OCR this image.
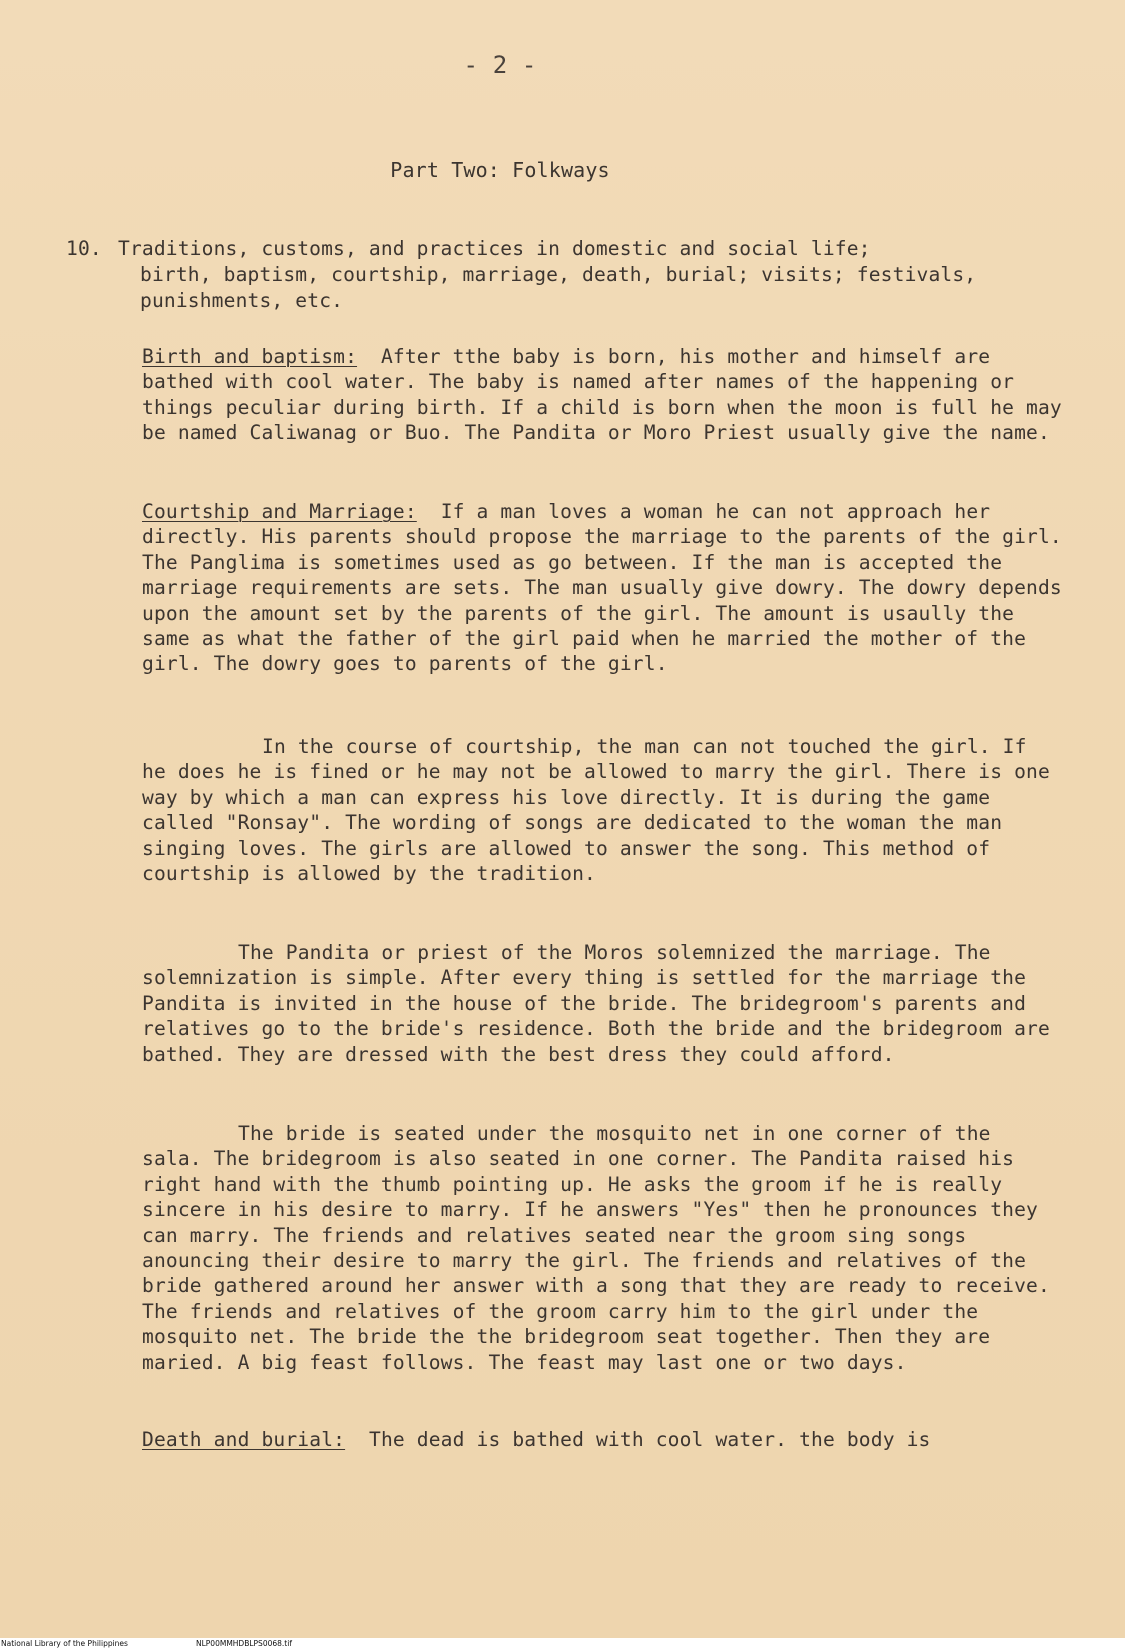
- 2 -
Part Two: Folkways
10. Traditions, customs, and practices in domestic and social life;
birth, baptism, courtship, marriage, death, burial; visits; festivals, punishments, etc.

Birth and baptism: After tthe baby is born, his mother and himself are bathed with cool water. The baby is named after names of the happening or things peculiar during birth. If a child is born when the moon is full he may be named Caliwanag or Buo. The Pandita or Moro Priest usually give the name.

Courtship and Marriage: If a man loves a woman he can not approach her directly. His parents should propose the marriage to the parents of the girl. The Panglima is sometimes used as go between. If the man is accepted the marriage requirements are sets. The man usually give dowry. The dowry depends upon the amount set by the parents of the girl. The amount is usaully the same as what the father of the girl paid when he married the mother of the girl. The dowry goes to parents of the girl.

In the course of courtship, the man can not touched the girl. If he does he is fined or he may not be allowed to marry the girl. There is one way by which a man can express his love directly. It is during the game called "Ronsay". The wording of songs are dedicated to the woman the man singing loves. The girls are allowed to answer the song. This method of courtship is allowed by the tradition.

The Pandita or priest of the Moros solemnized the marriage. The solemnization is simple. After every thing is settled for the marriage the Pandita is invited in the house of the bride. The bridegroom's parents and relatives go to the bride's residence. Both the bride and the bridegroom are bathed. They are dressed with the best dress they could afford.

The bride is seated under the mosquito net in one corner of the sala. The bridegroom is also seated in one corner. The Pandita raised his right hand with the thumb pointing up. He asks the groom if he is really sincere in his desire to marry. If he answers "Yes" then he pronounces they can marry. The friends and relatives seated near the groom sing songs anouncing their desire to marry the girl. The friends and relatives of the bride gathered around her answer with a song that they are ready to receive. The friends and relatives of the groom carry him to the girl under the mosquito net. The bride the the bridegroom seat together. Then they are maried. A big feast follows. The feast may last one or two days.

Death and burial: The dead is bathed with cool water. the body is

National Library of the Philippines	NLP00MMHDBLPS0068.tif
